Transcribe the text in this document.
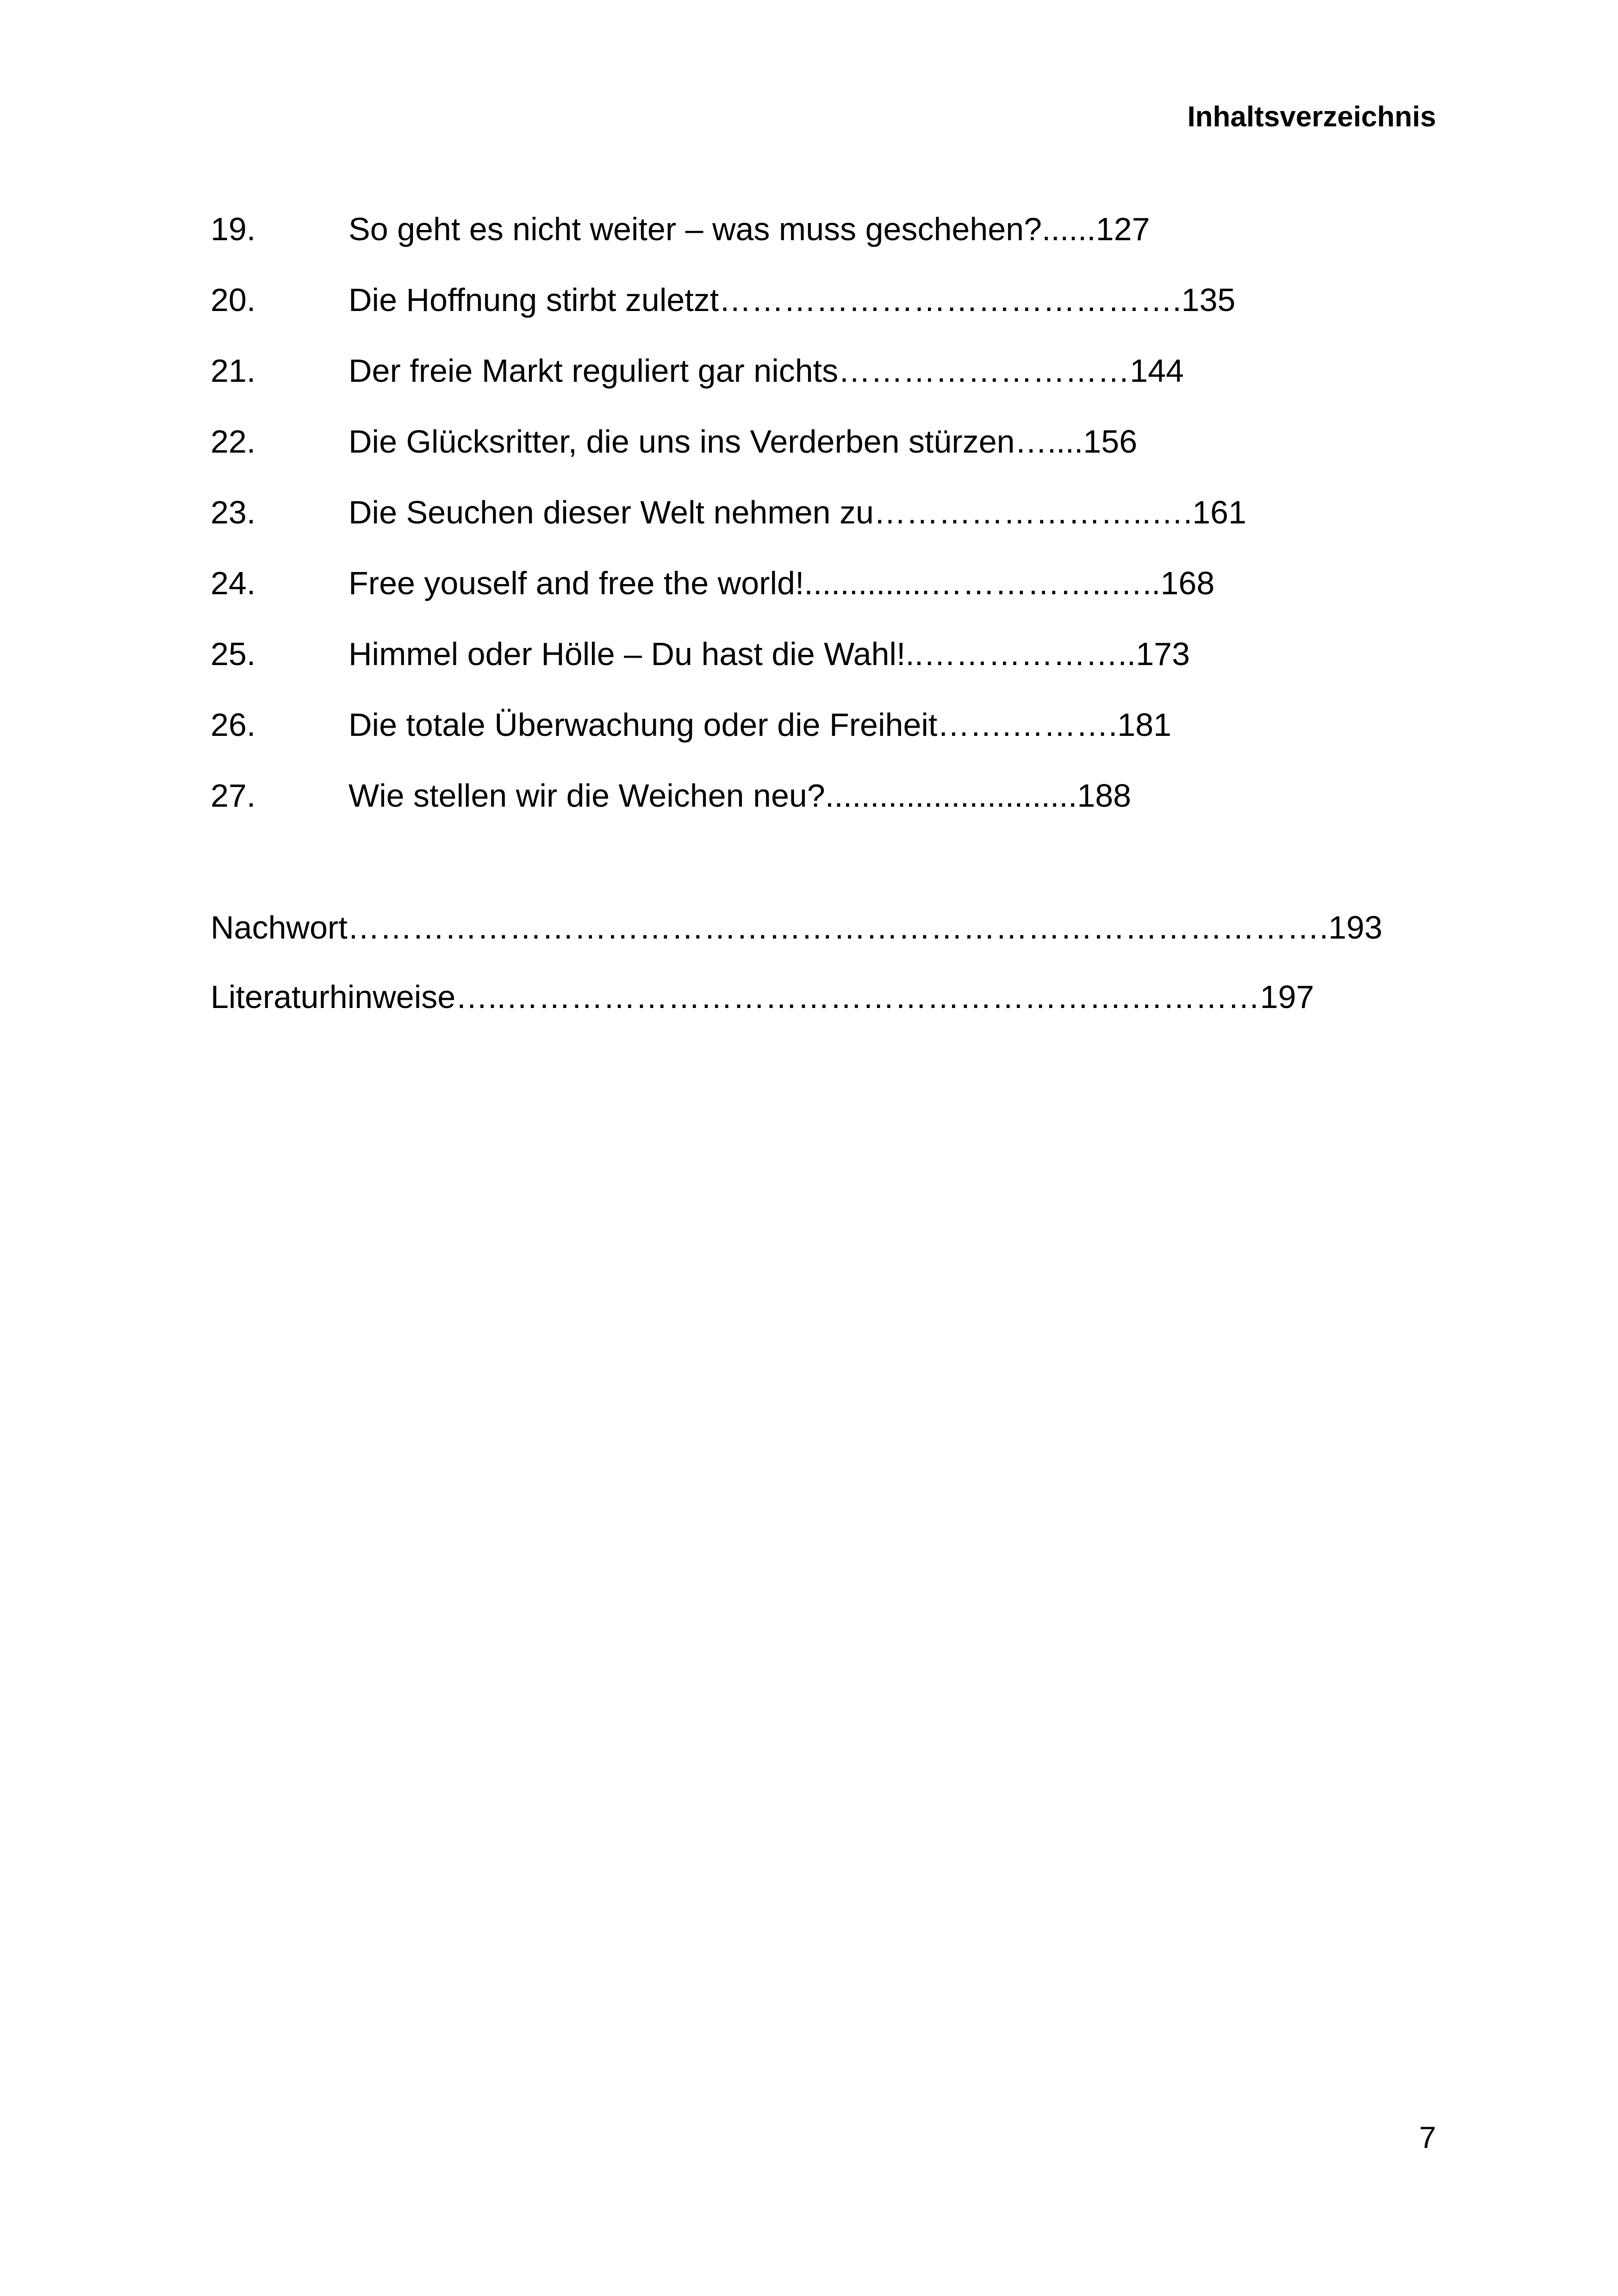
Inhaltsverzeichnis
19.	So geht es nicht weiter – was muss geschehen?......127
20.	Die Hoffnung stirbt zuletzt…………………………………….135
21.	Der freie Markt reguliert gar nichts………………………144
22.	Die Glücksritter, die uns ins Verderben stürzen…....156
23.	Die Seuchen dieser Welt nehmen zu……………………..….161
24.	Free youself and free the world!..............……………..…..168
25.	Himmel oder Hölle – Du hast die Wahl!..………………..173
26.	Die totale Überwachung oder die Freiheit…….……….181
27.	Wie stellen wir die Weichen neu?............................188
Nachwort……………………………………………………………………………….193
Literaturhinweise…..………………………………………………….…………197
7
